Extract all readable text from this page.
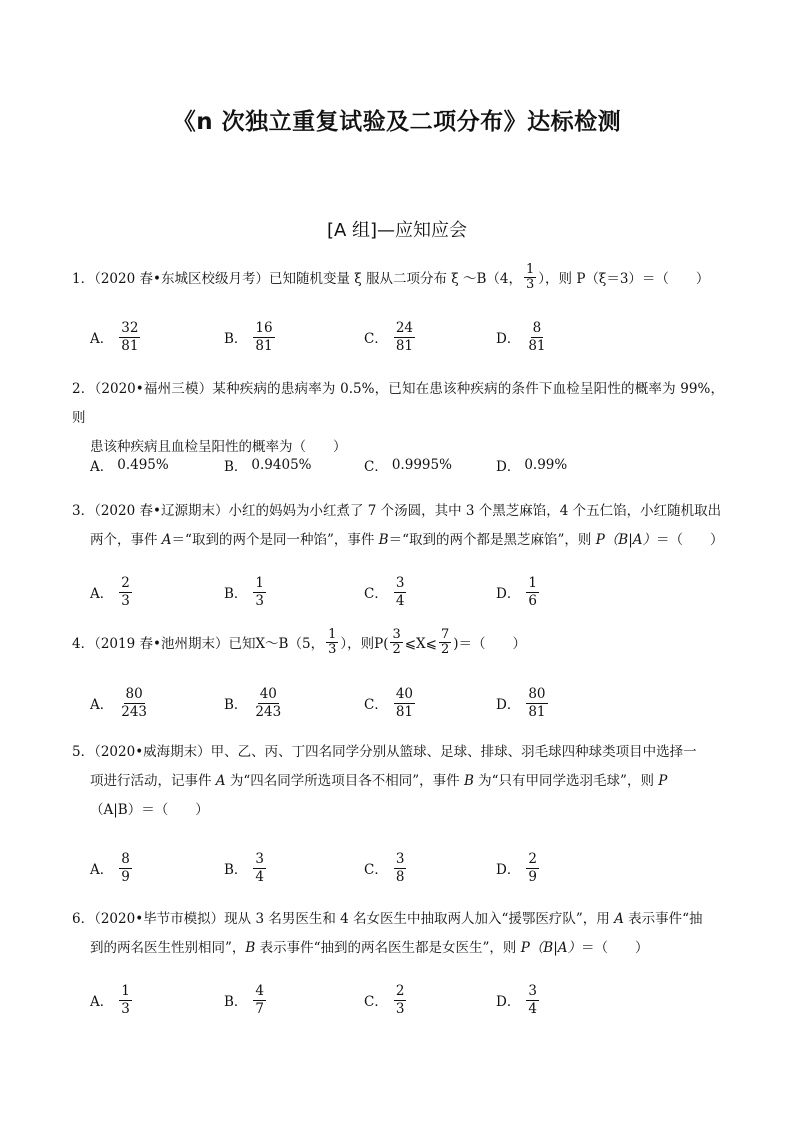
《n 次独立重复试验及二项分布》达标检测
[A 组]—应知应会
1．（2020 春•东城区校级月考）已知随机变量 ξ 服从二项分布 ξ ～B（4， $\frac{1}{3}$ ），则 P（ξ＝3）＝（　　）
A． $\frac{32}{81}$	B． $\frac{16}{81}$	C． $\frac{24}{81}$	D． $\frac{8}{81}$
2．（2020•福州三模）某种疾病的患病率为 0.5%，已知在患该种疾病的条件下血检呈阳性的概率为 99%，则
患该种疾病且血检呈阳性的概率为（　　）
A． 0.495%	B． 0.9405%	C． 0.9995%	D． 0.99%
3．（2020 春•辽源期末）小红的妈妈为小红煮了 7 个汤圆，其中 3 个黑芝麻馅，4 个五仁馅，小红随机取出
两个，事件 A＝“取到的两个是同一种馅”，事件 B＝“取到的两个都是黑芝麻馅”，则 P（B|A）＝（　　）
A． $\frac{2}{3}$	B． $\frac{1}{3}$	C． $\frac{3}{4}$	D． $\frac{1}{6}$
4．（2019 春•池州期末）已知X～B（5， $\frac{1}{3}$ ），则$P( \frac{3}{2}$ ⩽X⩽ $\frac{7}{2}$ )＝（　　）
A． $\frac{80}{243}$	B． $\frac{40}{243}$	C． $\frac{40}{81}$	D． $\frac{80}{81}$
5．（2020•威海期末）甲、乙、丙、丁四名同学分别从篮球、足球、排球、羽毛球四种球类项目中选择一
项进行活动，记事件 A 为“四名同学所选项目各不相同”，事件 B 为“只有甲同学选羽毛球”，则 P
（A|B）＝（　　）
A． $\frac{8}{9}$	B． $\frac{3}{4}$	C． $\frac{3}{8}$	D． $\frac{2}{9}$
6．（2020•毕节市模拟）现从 3 名男医生和 4 名女医生中抽取两人加入“援鄂医疗队”，用 A 表示事件“抽
到的两名医生性别相同”，B 表示事件“抽到的两名医生都是女医生”，则 P（B|A）＝（　　）
A． $\frac{1}{3}$	B． $\frac{4}{7}$	C． $\frac{2}{3}$	D． $\frac{3}{4}$
